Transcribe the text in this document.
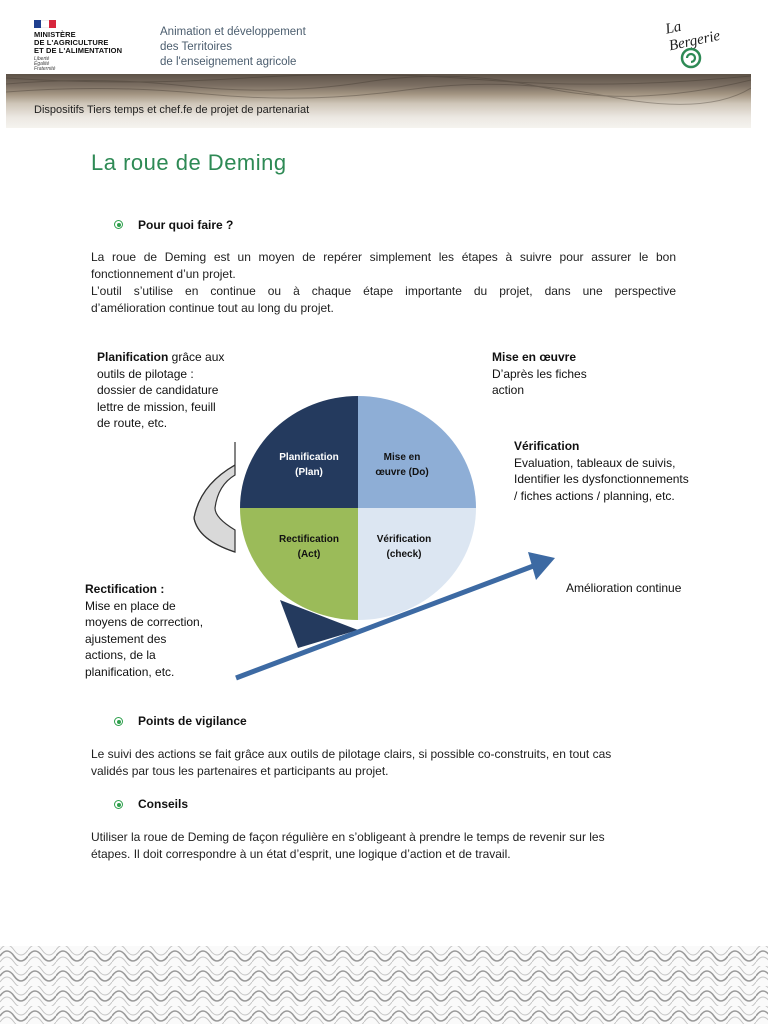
MINISTÈRE
DE L'AGRICULTURE
ET DE L'ALIMENTATION
Liberté
Égalité
Fraternité
Animation et développement
des Territoires
de l'enseignement agricole
La Bergerie
Dispositifs Tiers temps et chef.fe de projet de partenariat
La roue de Deming
Pour quoi faire ?
La roue de Deming est un moyen de repérer simplement les étapes à suivre pour assurer le bon
fonctionnement d’un projet.
L’outil s’utilise en continue ou à chaque étape importante du projet, dans une perspective
d’amélioration continue tout au long du projet.
Planification
(Plan)
Mise en
œuvre (Do)
Rectification
(Act)
Vérification
(check)
Planification grâce aux
outils de pilotage :
dossier de candidature
lettre de mission, feuill
de route, etc.
Mise en œuvre
D’après les fiches
action
Vérification
Evaluation, tableaux de suivis,
Identifier les dysfonctionnements
/ fiches actions / planning, etc.
Rectification :
Mise en place de
moyens de correction,
ajustement des
actions, de la
planification, etc.
Amélioration continue
Points de vigilance
Le suivi des actions se fait grâce aux outils de pilotage clairs, si possible co-construits, en tout cas
validés par tous les partenaires et participants au projet.
Conseils
Utiliser la roue de Deming de façon régulière en s’obligeant à prendre le temps de revenir sur les
étapes. Il doit correspondre à un état d’esprit, une logique d’action et de travail.
